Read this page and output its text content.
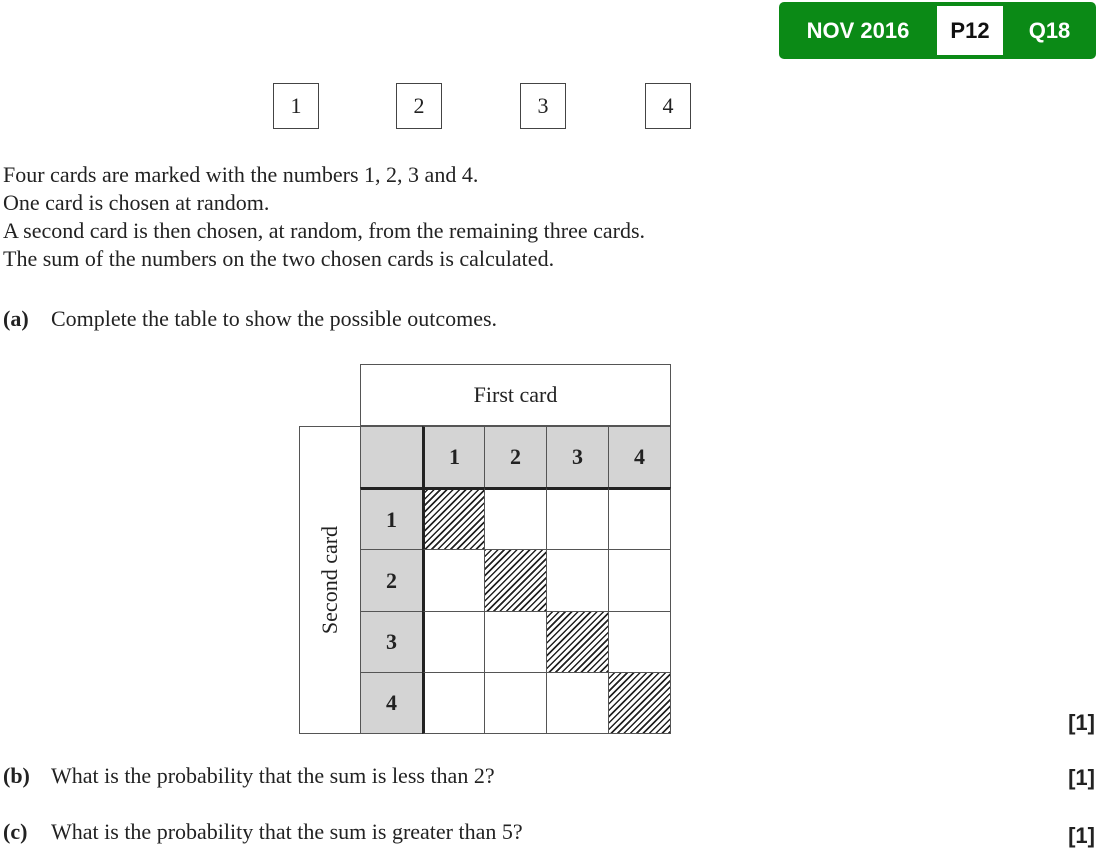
NOV 2016	P12	Q18
1	2	3	4
Four cards are marked with the numbers 1, 2, 3 and 4.
One card is chosen at random.
A second card is then chosen, at random, from the remaining three cards.
The sum of the numbers on the two chosen cards is calculated.
(a) Complete the table to show the possible outcomes.
First card
Second card
1	2	3	4
1
2
3
4
[1]
(b) What is the probability that the sum is less than 2?	[1]
(c) What is the probability that the sum is greater than 5?	[1]
